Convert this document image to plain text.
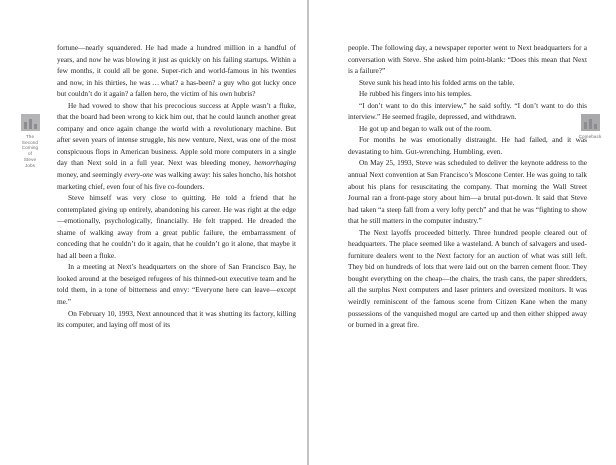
The
Second
Coming
of
Steve
Jobs
Comeback

fortune—nearly squandered. He had made a hundred million in a handful of years, and now he was blowing it just as quickly on his failing startups. Within a few months, it could all be gone. Super-rich and world-famous in his twenties and now, in his thirties, he was … what? a has-been? a guy who got lucky once but couldn’t do it again? a fallen hero, the victim of his own hubris?

He had vowed to show that his precocious success at Apple wasn’t a fluke, that the board had been wrong to kick him out, that he could launch another great company and once again change the world with a revolutionary machine. But after seven years of intense struggle, his new venture, Next, was one of the most conspicuous flops in American business. Apple sold more computers in a single day than Next sold in a full year. Next was bleeding money, hemorrhaging money, and seemingly every-one was walking away: his sales honcho, his hotshot marketing chief, even four of his five co-founders.

Steve himself was very close to quitting. He told a friend that he contemplated giving up entirely, abandoning his career. He was right at the edge—emotionally, psychologically, financially. He felt trapped. He dreaded the shame of walking away from a great public failure, the embarrassment of conceding that he couldn’t do it again, that he couldn’t go it alone, that maybe it had all been a fluke.

In a meeting at Next’s headquarters on the shore of San Francisco Bay, he looked around at the beseiged refugees of his thinned-out executive team and he told them, in a tone of bitterness and envy: “Everyone here can leave—except me.”

On February 10, 1993, Next announced that it was shutting its factory, killing its computer, and laying off most of its

people. The following day, a newspaper reporter went to Next headquarters for a conversation with Steve. She asked him point-blank: “Does this mean that Next is a failure?”

Steve sunk his head into his folded arms on the table.

He rubbed his fingers into his temples.

“I don’t want to do this interview,” he said softly. “I don’t want to do this interview.” He seemed fragile, depressed, and withdrawn.

He got up and began to walk out of the room.

For months he was emotionally distraught. He had failed, and it was devastating to him. Gut-wrenching. Humbling, even.

On May 25, 1993, Steve was scheduled to deliver the keynote address to the annual Next convention at San Francisco’s Moscone Center. He was going to talk about his plans for resuscitating the company. That morning the Wall Street Journal ran a front-page story about him—a brutal put-down. It said that Steve had taken “a steep fall from a very lofty perch” and that he was “fighting to show that he still matters in the computer industry.”

The Next layoffs proceeded bitterly. Three hundred people cleared out of headquarters. The place seemed like a wasteland. A bunch of salvagers and used-furniture dealers went to the Next factory for an auction of what was still left. They bid on hundreds of lots that were laid out on the barren cement floor. They bought everything on the cheap—the chairs, the trash cans, the paper shredders, all the surplus Next computers and laser printers and oversized monitors. It was weirdly reminiscent of the famous scene from Citizen Kane when the many possessions of the vanquished mogul are carted up and then either shipped away or burned in a great fire.
